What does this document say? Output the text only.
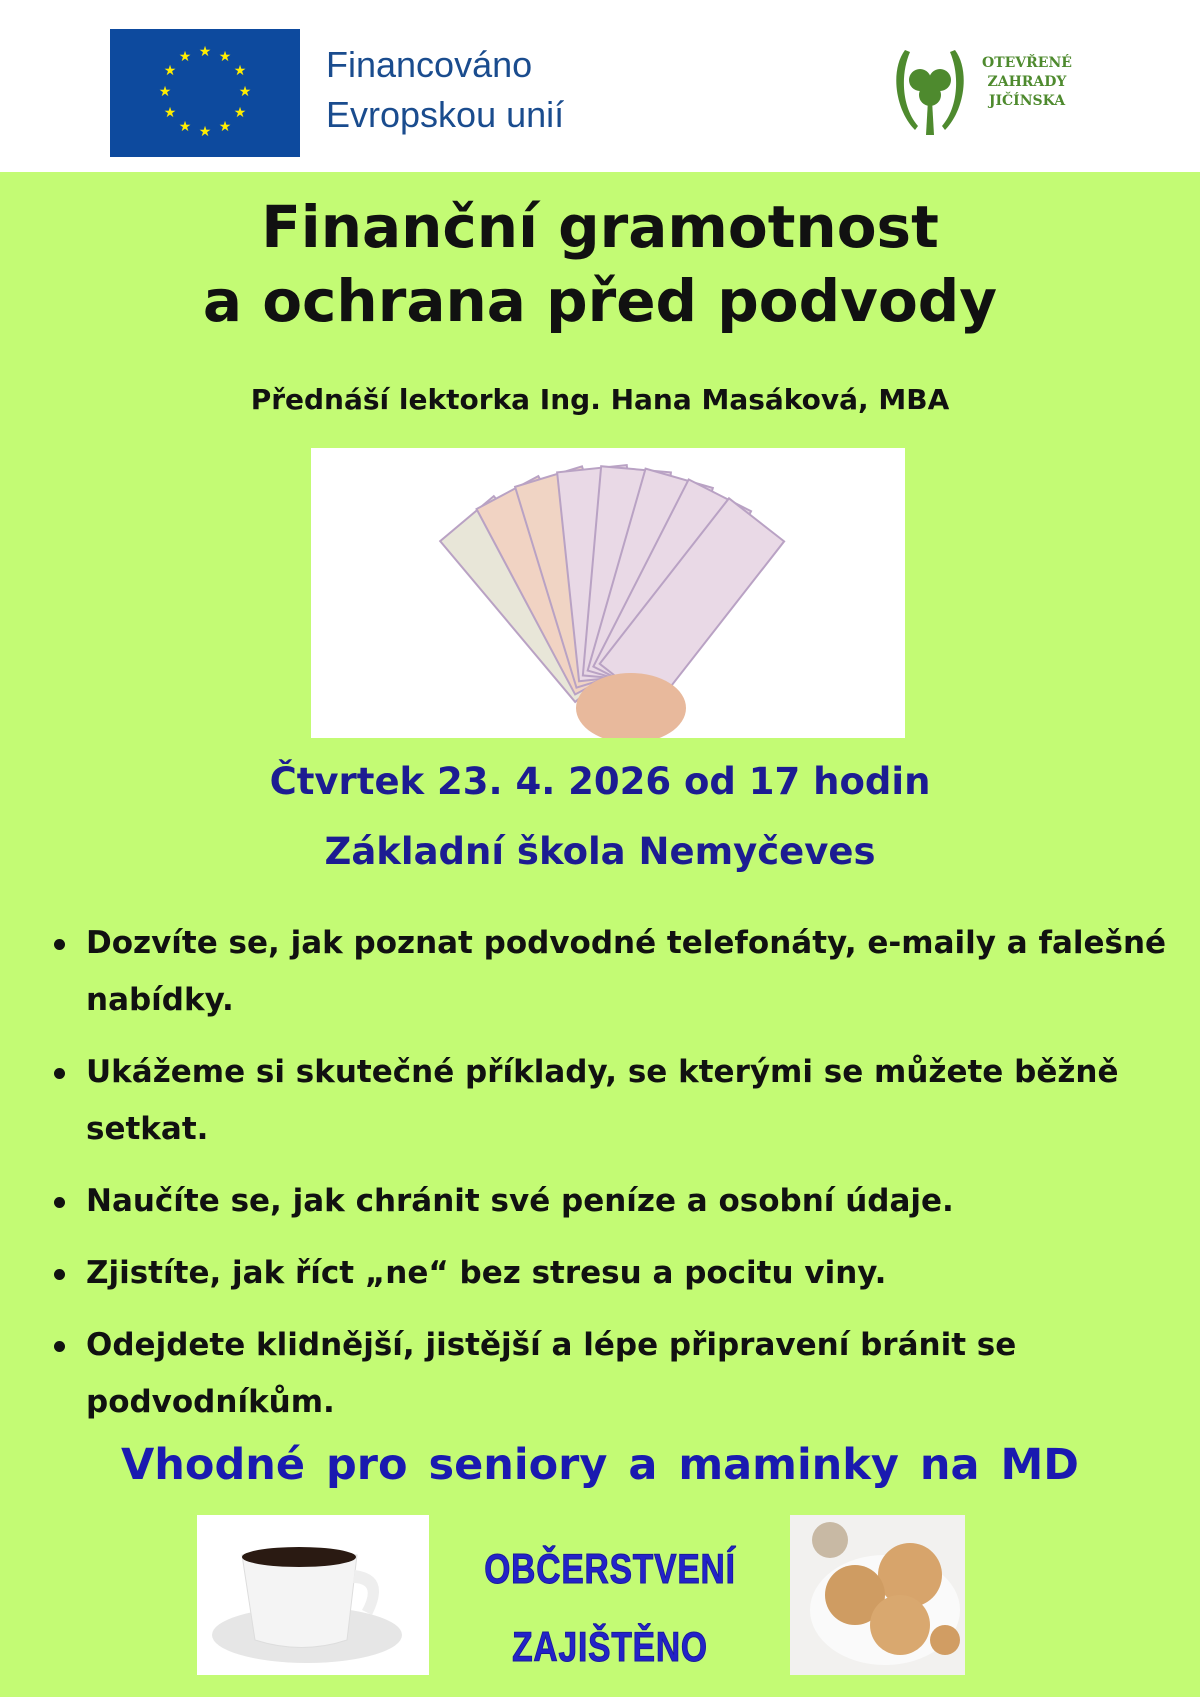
★ ★
★
★
★
★
★
★
★
★
★
★	Financováno
Evropskou unií
OTEVŘENÉ
ZAHRADY
JIČÍNSKA
Finanční gramotnost
a ochrana před podvody
Přednáší lektorka Ing. Hana Masáková, MBA
Čtvrtek 23. 4. 2026 od 17 hodin
Základní škola Nemyčeves
Dozvíte se, jak poznat podvodné telefonáty, e-maily a falešné nabídky.
Ukážeme si skutečné příklady, se kterými se můžete běžně setkat.
Naučíte se, jak chránit své peníze a osobní údaje.
Zjistíte, jak říct „ne“ bez stresu a pocitu viny.
Odejdete klidnější, jistější a lépe připravení bránit se podvodníkům.
Vhodné pro seniory a maminky na MD
OBČERSTVENÍ
ZAJIŠTĚNO
